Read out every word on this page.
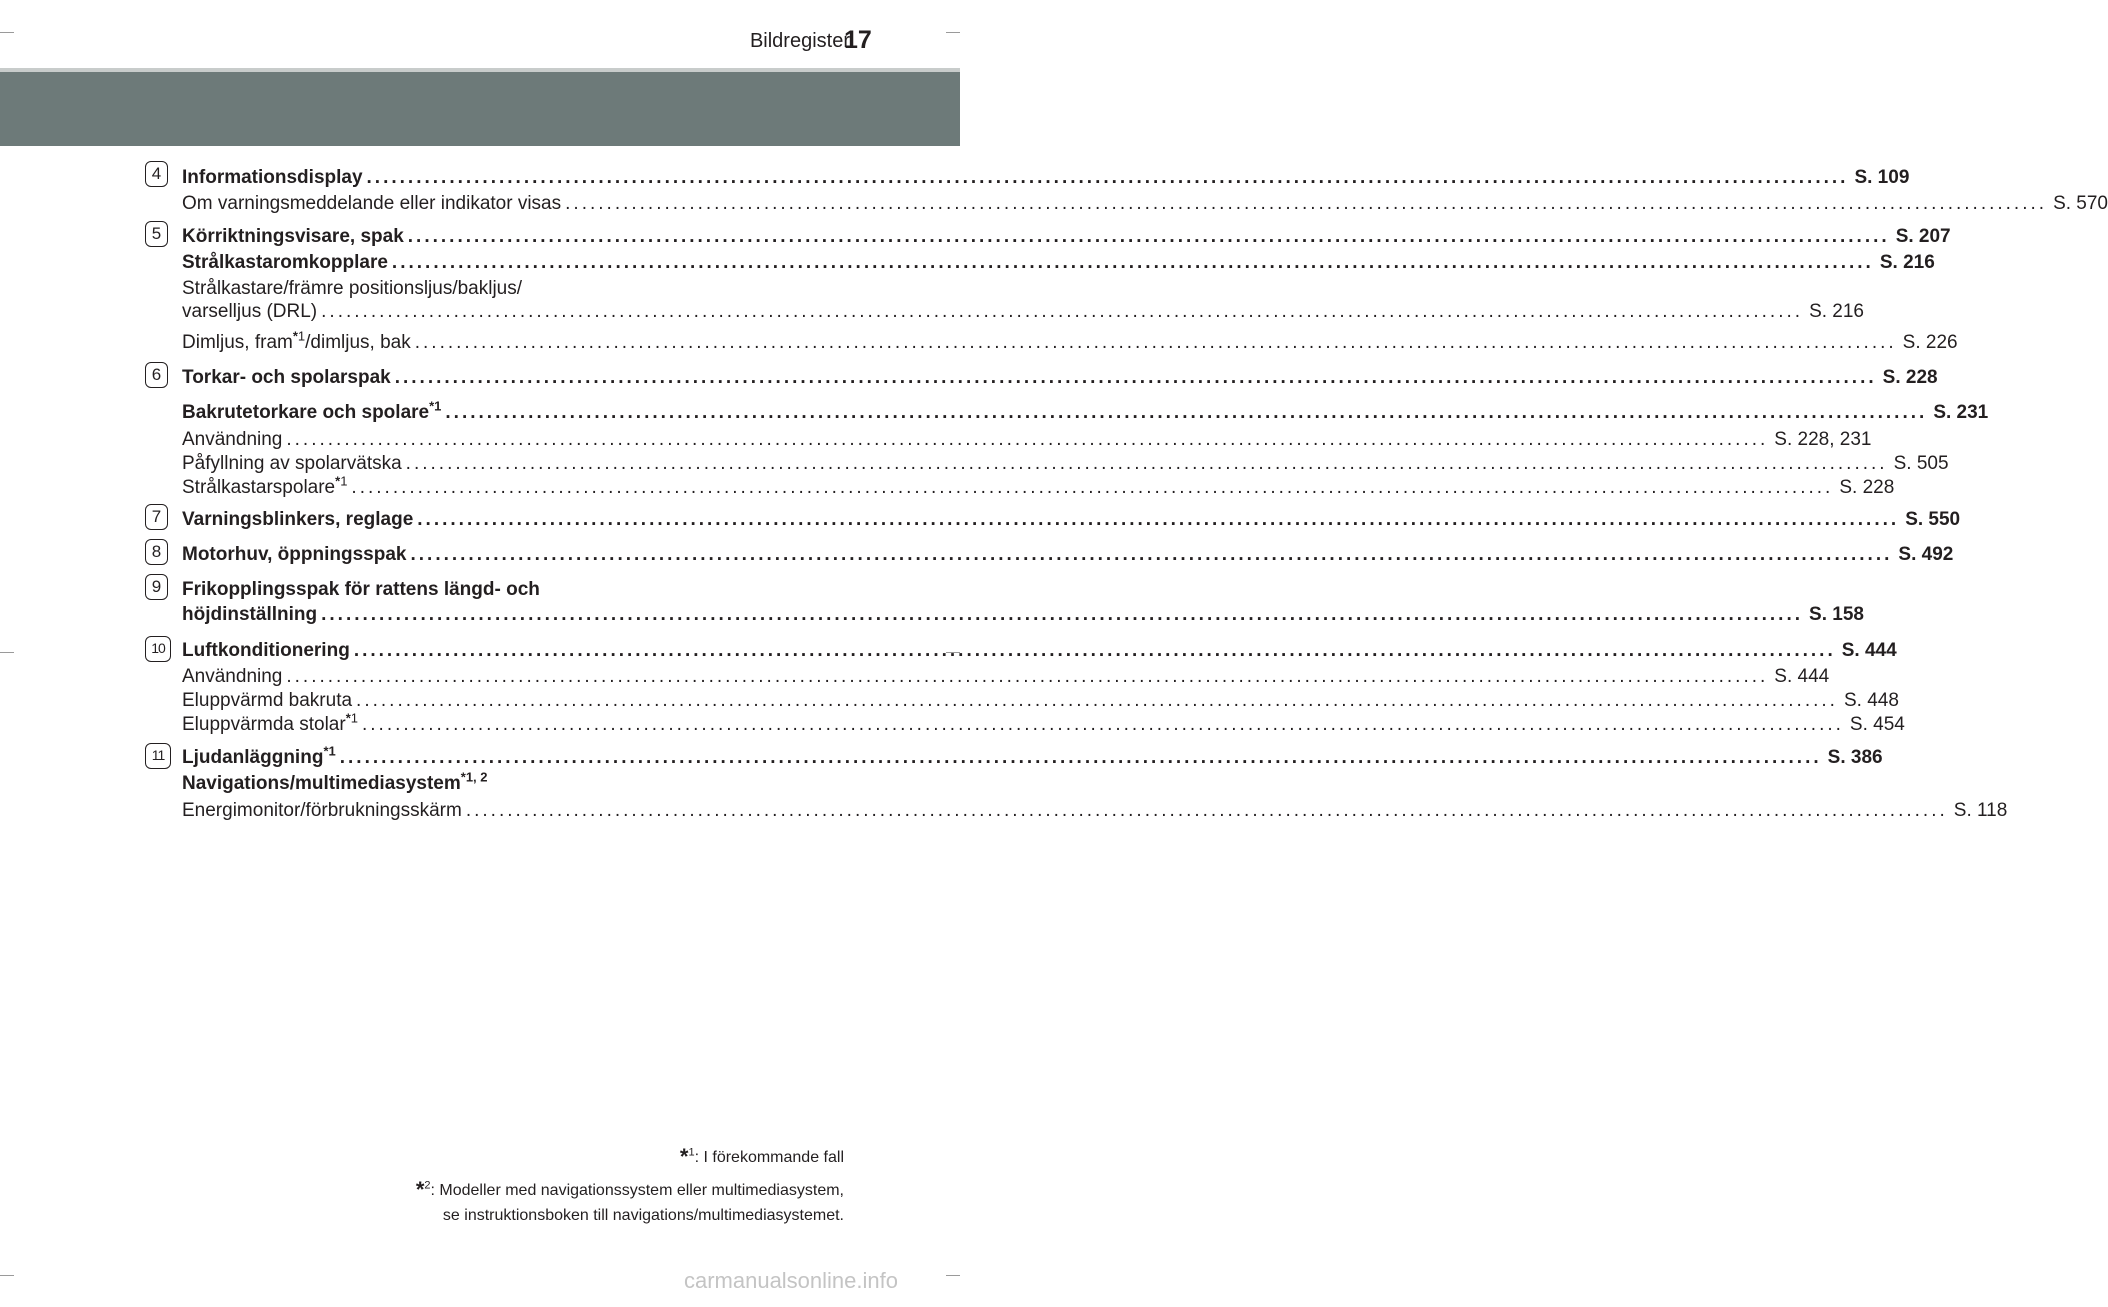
Bildregister
17
4
5
6
7
8
9
10
11
Informationsdisplay ................................................................................................................................................................................... S. 109
Om varningsmeddelande eller indikator visas ................................................................................................................................................................................... S. 570
Körriktningsvisare, spak ................................................................................................................................................................................... S. 207
Strålkastaromkopplare ................................................................................................................................................................................... S. 216
Strålkastare/främre positionsljus/bakljus/
varselljus (DRL) ................................................................................................................................................................................... S. 216
Dimljus, fram$^{*1}$/dimljus, bak ................................................................................................................................................................................... S. 226
Torkar- och spolarspak ................................................................................................................................................................................... S. 228
Bakrutetorkare och spolare$^{*1}$ ................................................................................................................................................................................... S. 231
Användning ................................................................................................................................................................................... S. 228, 231
Påfyllning av spolarvätska ................................................................................................................................................................................... S. 505
Strålkastarspolare$^{*1}$ ................................................................................................................................................................................... S. 228
Varningsblinkers, reglage ................................................................................................................................................................................... S. 550
Motorhuv, öppningsspak ................................................................................................................................................................................... S. 492
Frikopplingsspak för rattens längd- och
höjdinställning ................................................................................................................................................................................... S. 158
Luftkonditionering ................................................................................................................................................................................... S. 444
Användning ................................................................................................................................................................................... S. 444
Eluppvärmd bakruta ................................................................................................................................................................................... S. 448
Eluppvärmda stolar$^{*1}$ ................................................................................................................................................................................... S. 454
Ljudanläggning$^{*1}$ ................................................................................................................................................................................... S. 386
Navigations/multimediasystem$^{*1, 2}$
Energimonitor/förbrukningsskärm ................................................................................................................................................................................... S. 118
*$^1$: I förekommande fall
*$^2$: Modeller med navigationssystem eller multimediasystem,
se instruktionsboken till navigations/multimediasystemet.
carmanualsonline.info
